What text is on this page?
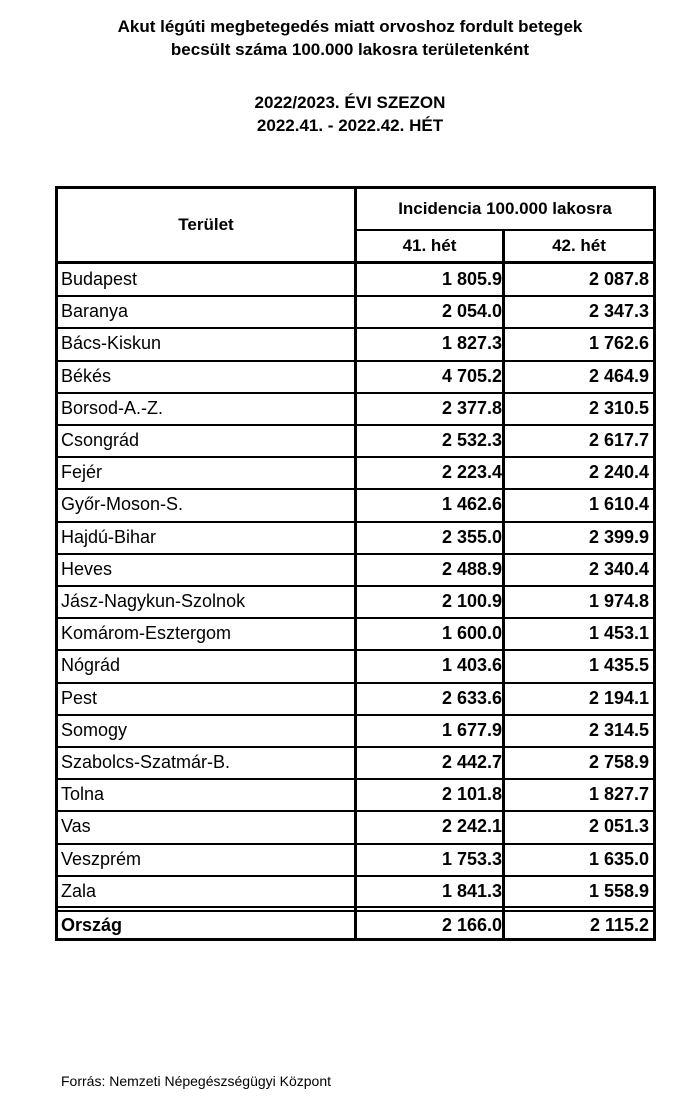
Akut légúti megbetegedés miatt orvoshoz fordult betegek
becsült száma 100.000 lakosra területenként
2022/2023. ÉVI SZEZON
2022.41. - 2022.42. HÉT
Terület
Incidencia 100.000 lakosra
41. hét	42. hét
Budapest	1 805.9	2 087.8
Baranya	2 054.0	2 347.3
Bács-Kiskun	1 827.3	1 762.6
Békés	4 705.2	2 464.9
Borsod-A.-Z.	2 377.8	2 310.5
Csongrád	2 532.3	2 617.7
Fejér	2 223.4	2 240.4
Győr-Moson-S.	1 462.6	1 610.4
Hajdú-Bihar	2 355.0	2 399.9
Heves	2 488.9	2 340.4
Jász-Nagykun-Szolnok	2 100.9	1 974.8
Komárom-Esztergom	1 600.0	1 453.1
Nógrád	1 403.6	1 435.5
Pest	2 633.6	2 194.1
Somogy	1 677.9	2 314.5
Szabolcs-Szatmár-B.	2 442.7	2 758.9
Tolna	2 101.8	1 827.7
Vas	2 242.1	2 051.3
Veszprém	1 753.3	1 635.0
Zala	1 841.3	1 558.9
Ország	2 166.0	2 115.2
Forrás: Nemzeti Népegészségügyi Központ
